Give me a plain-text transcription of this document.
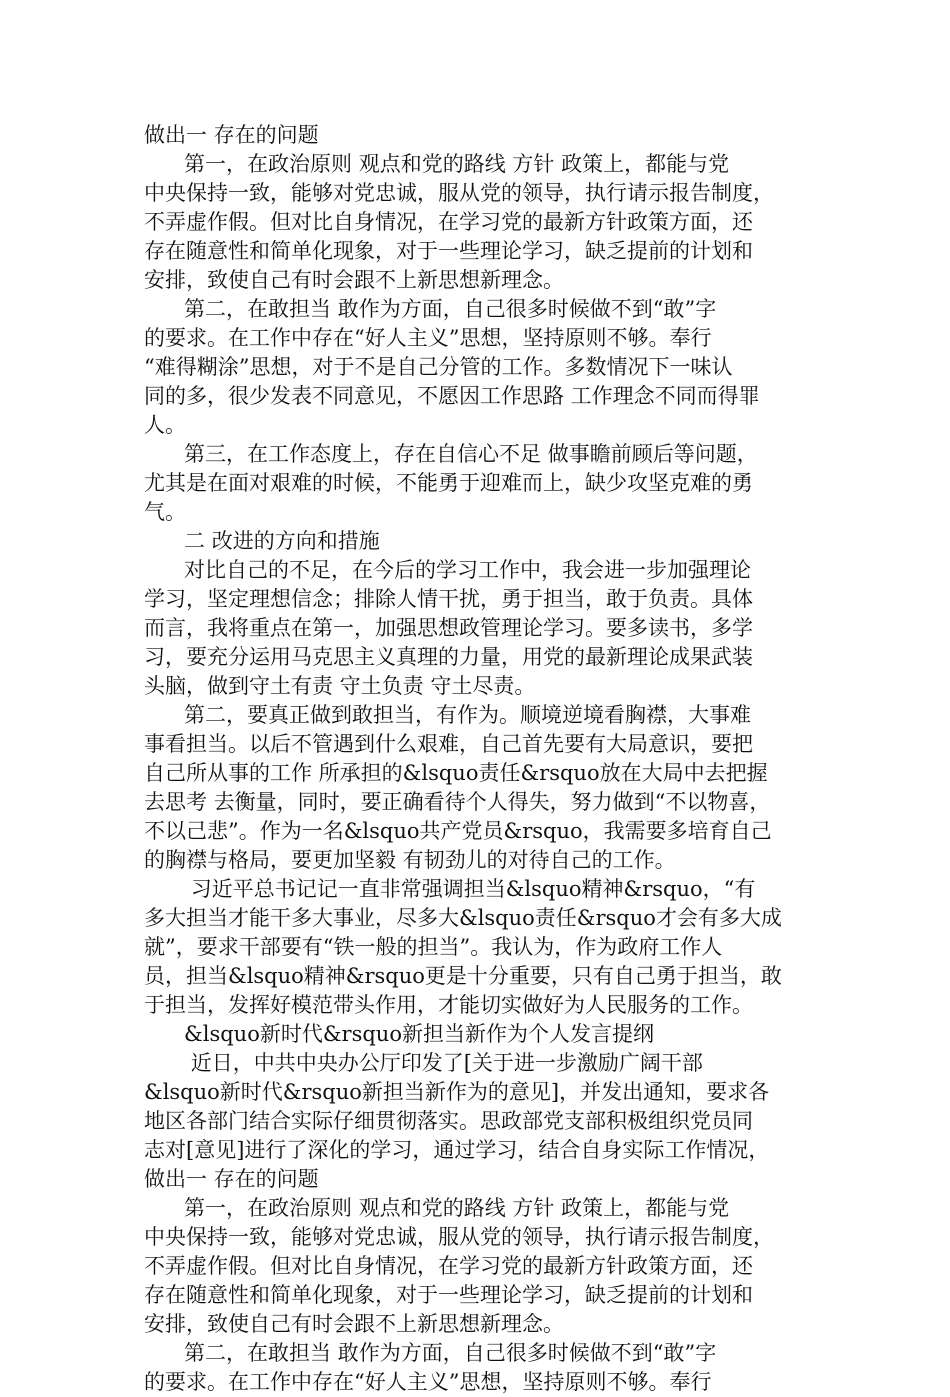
做出一 存在的问题
第一，在政治原则 观点和党的路线 方针 政策上，都能与党
中央保持一致，能够对党忠诚，服从党的领导，执行请示报告制度，
不弄虚作假。但对比自身情况，在学习党的最新方针政策方面，还
存在随意性和简单化现象，对于一些理论学习，缺乏提前的计划和
安排，致使自己有时会跟不上新思想新理念。
第二，在敢担当 敢作为方面，自己很多时候做不到“敢”字
的要求。在工作中存在“好人主义”思想，坚持原则不够。奉行
“难得糊涂”思想，对于不是自己分管的工作。多数情况下一味认
同的多，很少发表不同意见，不愿因工作思路 工作理念不同而得罪
人。
第三，在工作态度上，存在自信心不足 做事瞻前顾后等问题，
尤其是在面对艰难的时候，不能勇于迎难而上，缺少攻坚克难的勇
气。
二 改进的方向和措施
对比自己的不足，在今后的学习工作中，我会进一步加强理论
学习，坚定理想信念；排除人情干扰，勇于担当，敢于负责。具体
而言，我将重点在第一，加强思想政管理论学习。要多读书，多学
习，要充分运用马克思主义真理的力量，用党的最新理论成果武装
头脑，做到守土有责 守土负责 守土尽责。
第二，要真正做到敢担当，有作为。顺境逆境看胸襟，大事难
事看担当。以后不管遇到什么艰难，自己首先要有大局意识，要把
自己所从事的工作 所承担的&lsquo责任&rsquo放在大局中去把握
去思考 去衡量，同时，要正确看待个人得失，努力做到“不以物喜，
不以己悲”。作为一名&lsquo共产党员&rsquo，我需要多培育自己
的胸襟与格局，要更加坚毅 有韧劲儿的对待自己的工作。
习近平总书记记一直非常强调担当&lsquo精神&rsquo，“有
多大担当才能干多大事业，尽多大&lsquo责任&rsquo才会有多大成
就”，要求干部要有“铁一般的担当”。我认为，作为政府工作人
员，担当&lsquo精神&rsquo更是十分重要，只有自己勇于担当，敢
于担当，发挥好模范带头作用，才能切实做好为人民服务的工作。
&lsquo新时代&rsquo新担当新作为个人发言提纲
近日，中共中央办公厅印发了[关于进一步激励广阔干部
&lsquo新时代&rsquo新担当新作为的意见]，并发出通知，要求各
地区各部门结合实际仔细贯彻落实。思政部党支部积极组织党员同
志对[意见]进行了深化的学习，通过学习，结合自身实际工作情况，
做出一 存在的问题
第一，在政治原则 观点和党的路线 方针 政策上，都能与党
中央保持一致，能够对党忠诚，服从党的领导，执行请示报告制度，
不弄虚作假。但对比自身情况，在学习党的最新方针政策方面，还
存在随意性和简单化现象，对于一些理论学习，缺乏提前的计划和
安排，致使自己有时会跟不上新思想新理念。
第二，在敢担当 敢作为方面，自己很多时候做不到“敢”字
的要求。在工作中存在“好人主义”思想，坚持原则不够。奉行
